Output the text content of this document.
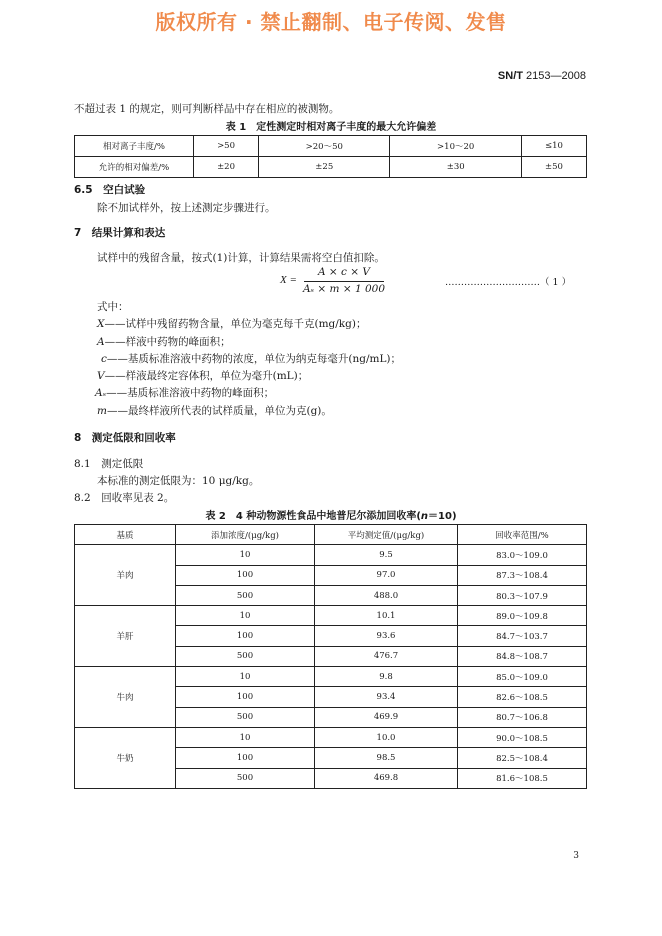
版权所有 · 禁止翻制、电子传阅、发售
SN/T 2153—2008
不超过表 1 的规定，则可判断样品中存在相应的被测物。
表 1　定性测定时相对离子丰度的最大允许偏差
相对离子丰度/%	>50	>20～50	>10～20	≤10
允许的相对偏差/%	±20	±25	±30	±50
6.5　空白试验
除不加试样外，按上述测定步骤进行。
7　结果计算和表达
试样中的残留含量，按式(1)计算，计算结果需将空白值扣除。
X =
A × c × V
Aₛ × m × 1 000
…………………………（ 1 ）
式中：
X——试样中残留药物含量，单位为毫克每千克(mg/kg)；
A——样液中药物的峰面积；
c——基质标准溶液中药物的浓度，单位为纳克每毫升(ng/mL)；
V——样液最终定容体积，单位为毫升(mL)；
Aₛ——基质标准溶液中药物的峰面积；
m——最终样液所代表的试样质量，单位为克(g)。
8　测定低限和回收率
8.1　测定低限
本标准的测定低限为：10 μg/kg。
8.2　回收率见表 2。
表 2　4 种动物源性食品中地普尼尔添加回收率(n＝10)
基质	添加浓度/(μg/kg)	平均测定值/(μg/kg)	回收率范围/%
羊肉	10	9.5	83.0～109.0
	100	97.0	87.3～108.4
	500	488.0	80.3～107.9
羊肝	10	10.1	89.0～109.8
	100	93.6	84.7～103.7
	500	476.7	84.8～108.7
牛肉	10	9.8	85.0～109.0
	100	93.4	82.6～108.5
	500	469.9	80.7～106.8
牛奶	10	10.0	90.0～108.5
	100	98.5	82.5～108.4
	500	469.8	81.6～108.5
3
